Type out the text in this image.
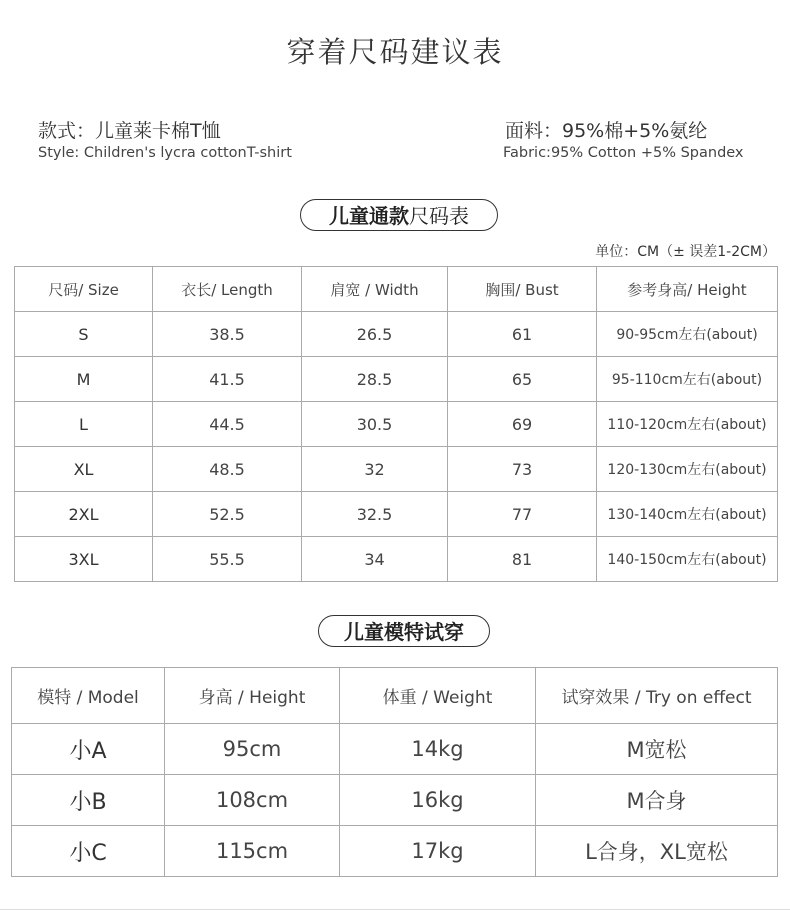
穿着尺码建议表
款式：儿童莱卡棉T恤
Style: Children's lycra cottonT-shirt
面料：95%棉+5%氨纶
Fabric:95% Cotton +5% Spandex
儿童通款尺码表
单位：CM（± 误差1-2CM）
尺码/ Size	衣长/ Length	肩宽 / Width	胸围/ Bust	参考身高/ Height
S	38.5	26.5	61	90-95cm左右(about)
M	41.5	28.5	65	95-110cm左右(about)
L	44.5	30.5	69	110-120cm左右(about)
XL	48.5	32	73	120-130cm左右(about)
2XL	52.5	32.5	77	130-140cm左右(about)
3XL	55.5	34	81	140-150cm左右(about)
儿童模特试穿
模特 / Model	身高 / Height	体重 / Weight	试穿效果 / Try on effect
小A	95cm	14kg	M宽松
小B	108cm	16kg	M合身
小C	115cm	17kg	L合身，XL宽松
